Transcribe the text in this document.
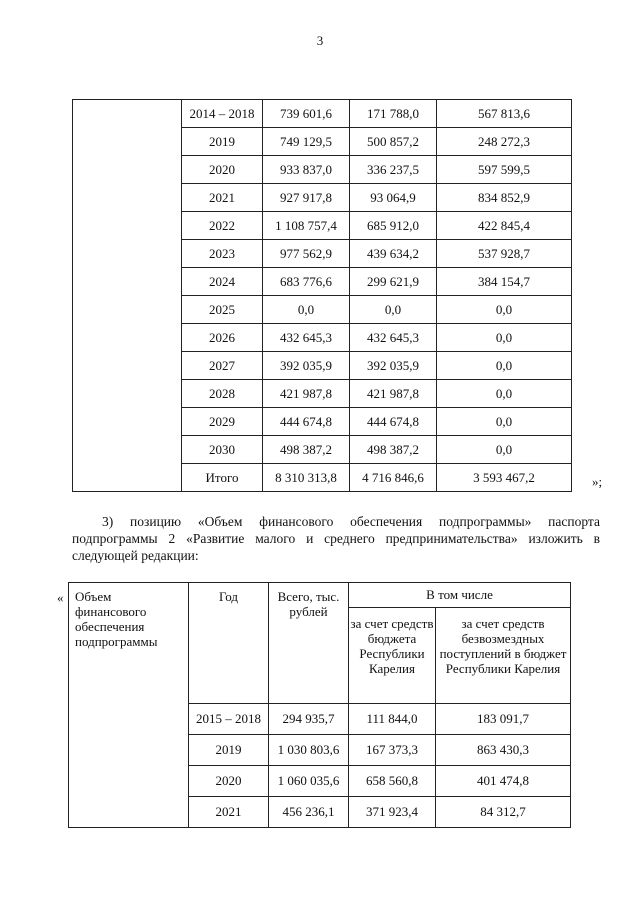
3
	2014 – 2018	739 601,6	171 788,0	567 813,6
	2019	749 129,5	500 857,2	248 272,3
	2020	933 837,0	336 237,5	597 599,5
	2021	927 917,8	93 064,9	834 852,9
	2022	1 108 757,4	685 912,0	422 845,4
	2023	977 562,9	439 634,2	537 928,7
	2024	683 776,6	299 621,9	384 154,7
	2025	0,0	0,0	0,0
	2026	432 645,3	432 645,3	0,0
	2027	392 035,9	392 035,9	0,0
	2028	421 987,8	421 987,8	0,0
	2029	444 674,8	444 674,8	0,0
	2030	498 387,2	498 387,2	0,0
	Итого	8 310 313,8	4 716 846,6	3 593 467,2	»;
3) позицию «Объем финансового обеспечения подпрограммы» паспорта подпрограммы 2 «Развитие малого и среднего предпринимательства» изложить в следующей редакции:
« Объем финансового обеспечения подпрограммы	Год	Всего, тыс. рублей	В том числе	
			за счет средств бюджета Республики Карелия	за счет средств безвозмездных поступлений в бюджет Республики Карелия
	2015 – 2018	294 935,7	111 844,0	183 091,7
	2019	1 030 803,6	167 373,3	863 430,3
	2020	1 060 035,6	658 560,8	401 474,8
	2021	456 236,1	371 923,4	84 312,7
